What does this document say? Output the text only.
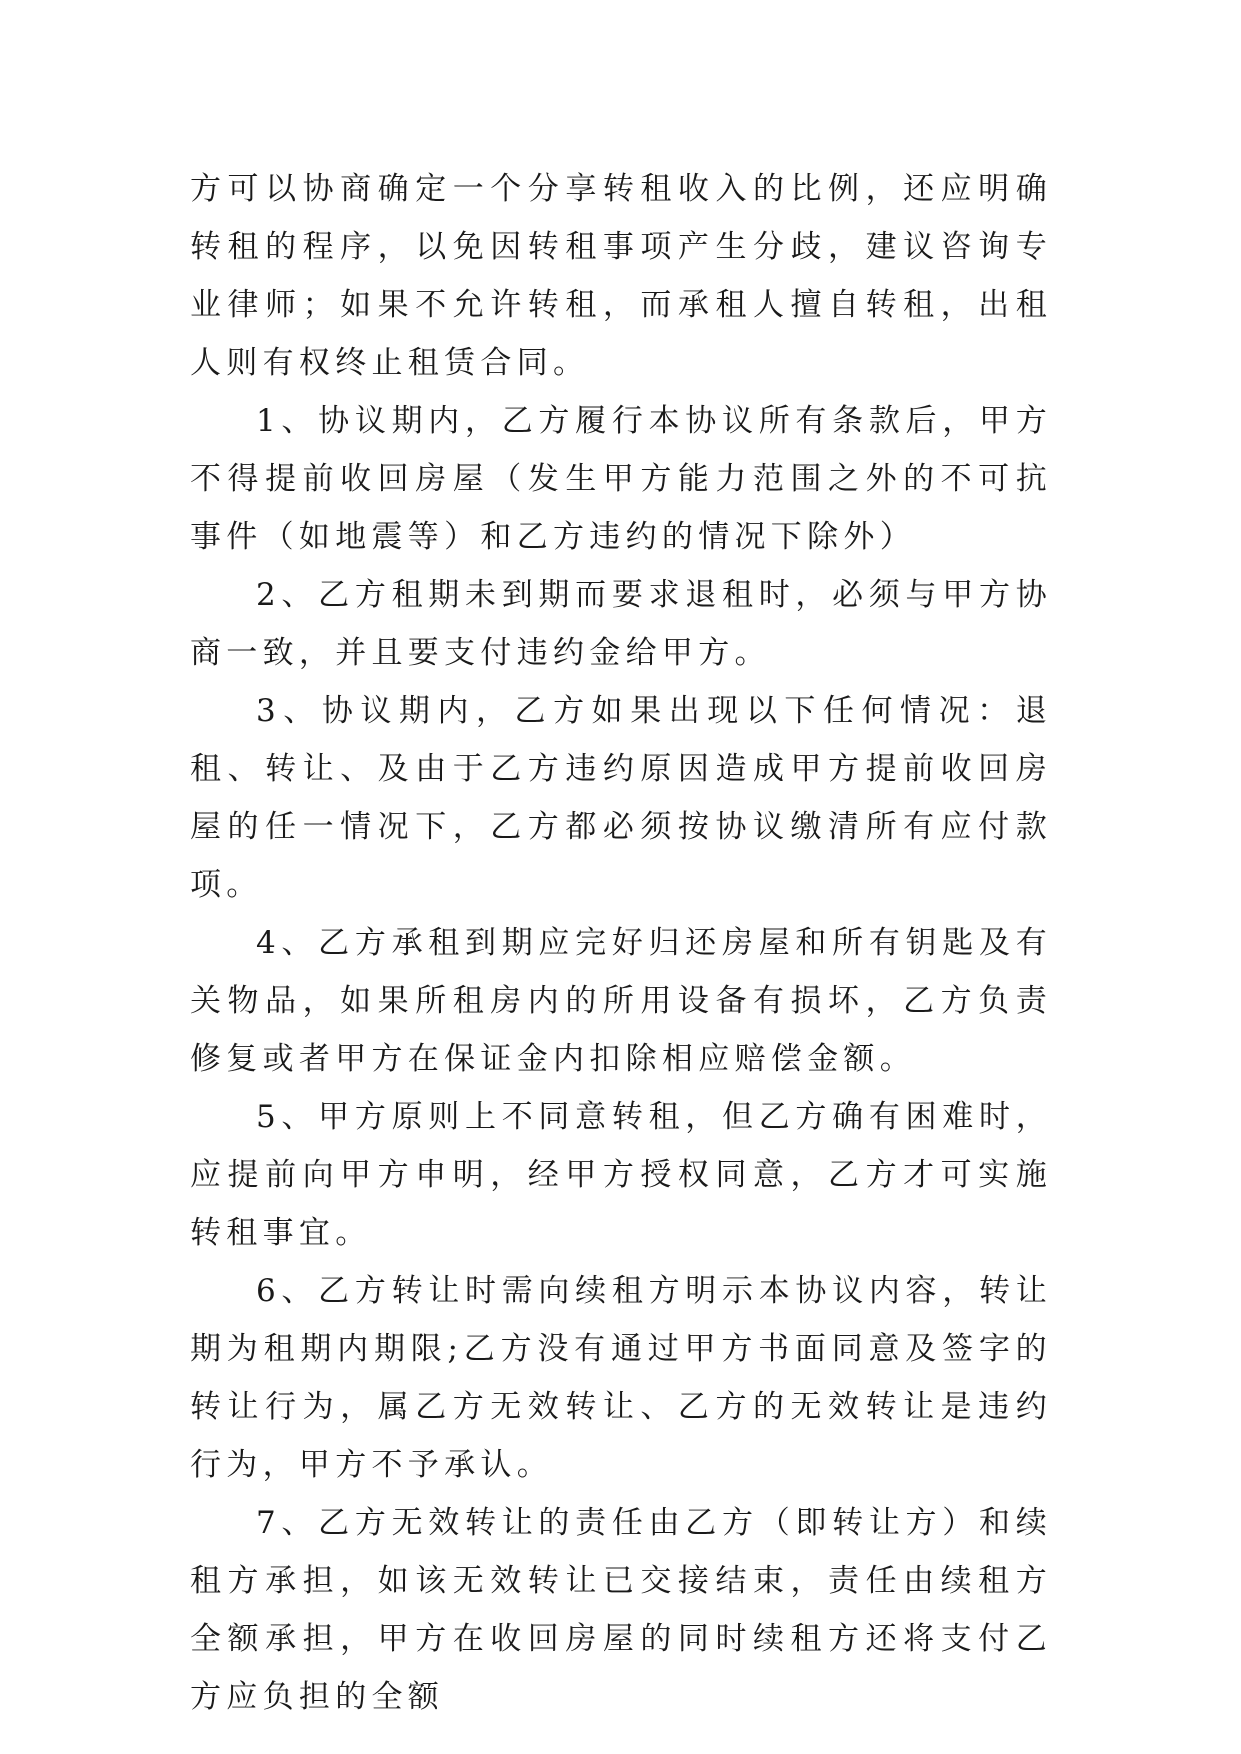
方可以协商确定一个分享转租收入的比例，还应明确转租的程序，以免因转租事项产生分歧，建议咨询专业律师；如果不允许转租，而承租人擅自转租，出租人则有权终止租赁合同。

1、协议期内，乙方履行本协议所有条款后，甲方不得提前收回房屋（发生甲方能力范围之外的不可抗事件（如地震等）和乙方违约的情况下除外）

2、乙方租期未到期而要求退租时，必须与甲方协商一致，并且要支付违约金给甲方。

3、协议期内，乙方如果出现以下任何情况：退租、转让、及由于乙方违约原因造成甲方提前收回房屋的任一情况下，乙方都必须按协议缴清所有应付款项。

4、乙方承租到期应完好归还房屋和所有钥匙及有关物品，如果所租房内的所用设备有损坏，乙方负责修复或者甲方在保证金内扣除相应赔偿金额。

5、甲方原则上不同意转租，但乙方确有困难时，应提前向甲方申明，经甲方授权同意，乙方才可实施转租事宜。

6、乙方转让时需向续租方明示本协议内容，转让期为租期内期限;乙方没有通过甲方书面同意及签字的转让行为，属乙方无效转让、乙方的无效转让是违约行为，甲方不予承认。

7、乙方无效转让的责任由乙方（即转让方）和续租方承担，如该无效转让已交接结束，责任由续租方全额承担，甲方在收回房屋的同时续租方还将支付乙方应负担的全额
